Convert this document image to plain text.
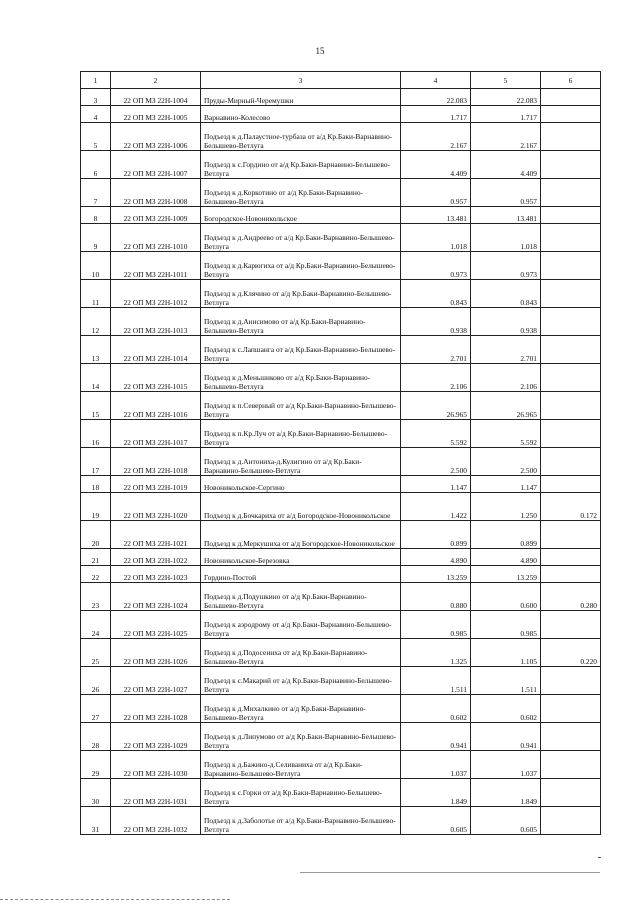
15
1	2	3	4	5	6
3	22 ОП МЗ 22Н-1004	Пруды-Мирный-Черемушки	22.083	22.083	
4	22 ОП МЗ 22Н-1005	Варнавино-Колесово	1.717	1.717	
5	22 ОП МЗ 22Н-1006	Подъезд к д.Палаустное-турбаза от а/д Кр.Баки-Варнавино-Белышево-Ветлуга	2.167	2.167	
6	22 ОП МЗ 22Н-1007	Подъезд к с.Гордино от а/д Кр.Баки-Варнавино-Белышево-Ветлуга	4.409	4.409	
7	22 ОП МЗ 22Н-1008	Подъезд к д.Коркотино от а/д Кр.Баки-Варнавино-Белышево-Ветлуга	0.957	0.957	
8	22 ОП МЗ 22Н-1009	Богородское-Новоникольское	13.481	13.481	
9	22 ОП МЗ 22Н-1010	Подъезд к д.Андреево от а/д Кр.Баки-Варнавино-Белышево-Ветлуга	1.018	1.018	
10	22 ОП МЗ 22Н-1011	Подъезд к д.Карюгиха от а/д Кр.Баки-Варнавино-Белышево-Ветлуга	0.973	0.973	
11	22 ОП МЗ 22Н-1012	Подъезд к д.Клячино от а/д Кр.Баки-Варнавино-Белышево-Ветлуга	0.843	0.843	
12	22 ОП МЗ 22Н-1013	Подъезд к д.Анисимово от а/д Кр.Баки-Варнавино-Белышево-Ветлуга	0.938	0.938	
13	22 ОП МЗ 22Н-1014	Подъезд к с.Лапшанга от а/д Кр.Баки-Варнавино-Белышево-Ветлуга	2.701	2.701	
14	22 ОП МЗ 22Н-1015	Подъезд к д.Меньшиково от а/д Кр.Баки-Варнавино-Белышево-Ветлуга	2.106	2.106	
15	22 ОП МЗ 22Н-1016	Подъезд к п.Северный от а/д Кр.Баки-Варнавино-Белышево-Ветлуга	26.965	26.965	
16	22 ОП МЗ 22Н-1017	Подъезд к п.Кр.Луч от а/д Кр.Баки-Варнавино-Белышево-Ветлуга	5.592	5.592	
17	22 ОП МЗ 22Н-1018	Подъезд к д.Антониха-д.Кулигино от а/д Кр.Баки-Варнавино-Белышево-Ветлуга	2.500	2.500	
18	22 ОП МЗ 22Н-1019	Новоникольское-Сергино	1.147	1.147	
19	22 ОП МЗ 22Н-1020	Подъезд к д.Бочкариха от а/д Богородское-Новоникольское	1.422	1.250	0.172
20	22 ОП МЗ 22Н-1021	Подъезд к д.Меркушиха от а/д Богородское-Новоникольское	0.899	0.899	
21	22 ОП МЗ 22Н-1022	Новоникольское-Березовка	4.890	4.890	
22	22 ОП МЗ 22Н-1023	Гордино-Постой	13.259	13.259	
23	22 ОП МЗ 22Н-1024	Подъезд к д.Подушкино от а/д Кр.Баки-Варнавино-Белышево-Ветлуга	0.880	0.600	0.280
24	22 ОП МЗ 22Н-1025	Подъезд к аэродрому от а/д Кр.Баки-Варнавино-Белышево-Ветлуга	0.985	0.985	
25	22 ОП МЗ 22Н-1026	Подъезд к д.Подосениха от а/д Кр.Баки-Варнавино-Белышево-Ветлуга	1.325	1.105	0.220
26	22 ОП МЗ 22Н-1027	Подъезд к с.Макарий от а/д Кр.Баки-Варнавино-Белышево-Ветлуга	1.511	1.511	
27	22 ОП МЗ 22Н-1028	Подъезд к д.Михалкино от а/д Кр.Баки-Варнавино-Белышево-Ветлуга	0.602	0.602	
28	22 ОП МЗ 22Н-1029	Подъезд к д.Липумово от а/д Кр.Баки-Варнавино-Белышево-Ветлуга	0.941	0.941	
29	22 ОП МЗ 22Н-1030	Подъезд к д.Бажино-д.Селиваниха от а/д Кр.Баки-Варнавино-Белышево-Ветлуга	1.037	1.037	
30	22 ОП МЗ 22Н-1031	Подъезд к с.Горки от а/д Кр.Баки-Варнавино-Белышево-Ветлуга	1.849	1.849	
31	22 ОП МЗ 22Н-1032	Подъезд к д.Заболотье от а/д Кр.Баки-Варнавино-Белышево-Ветлуга	0.605	0.605	
